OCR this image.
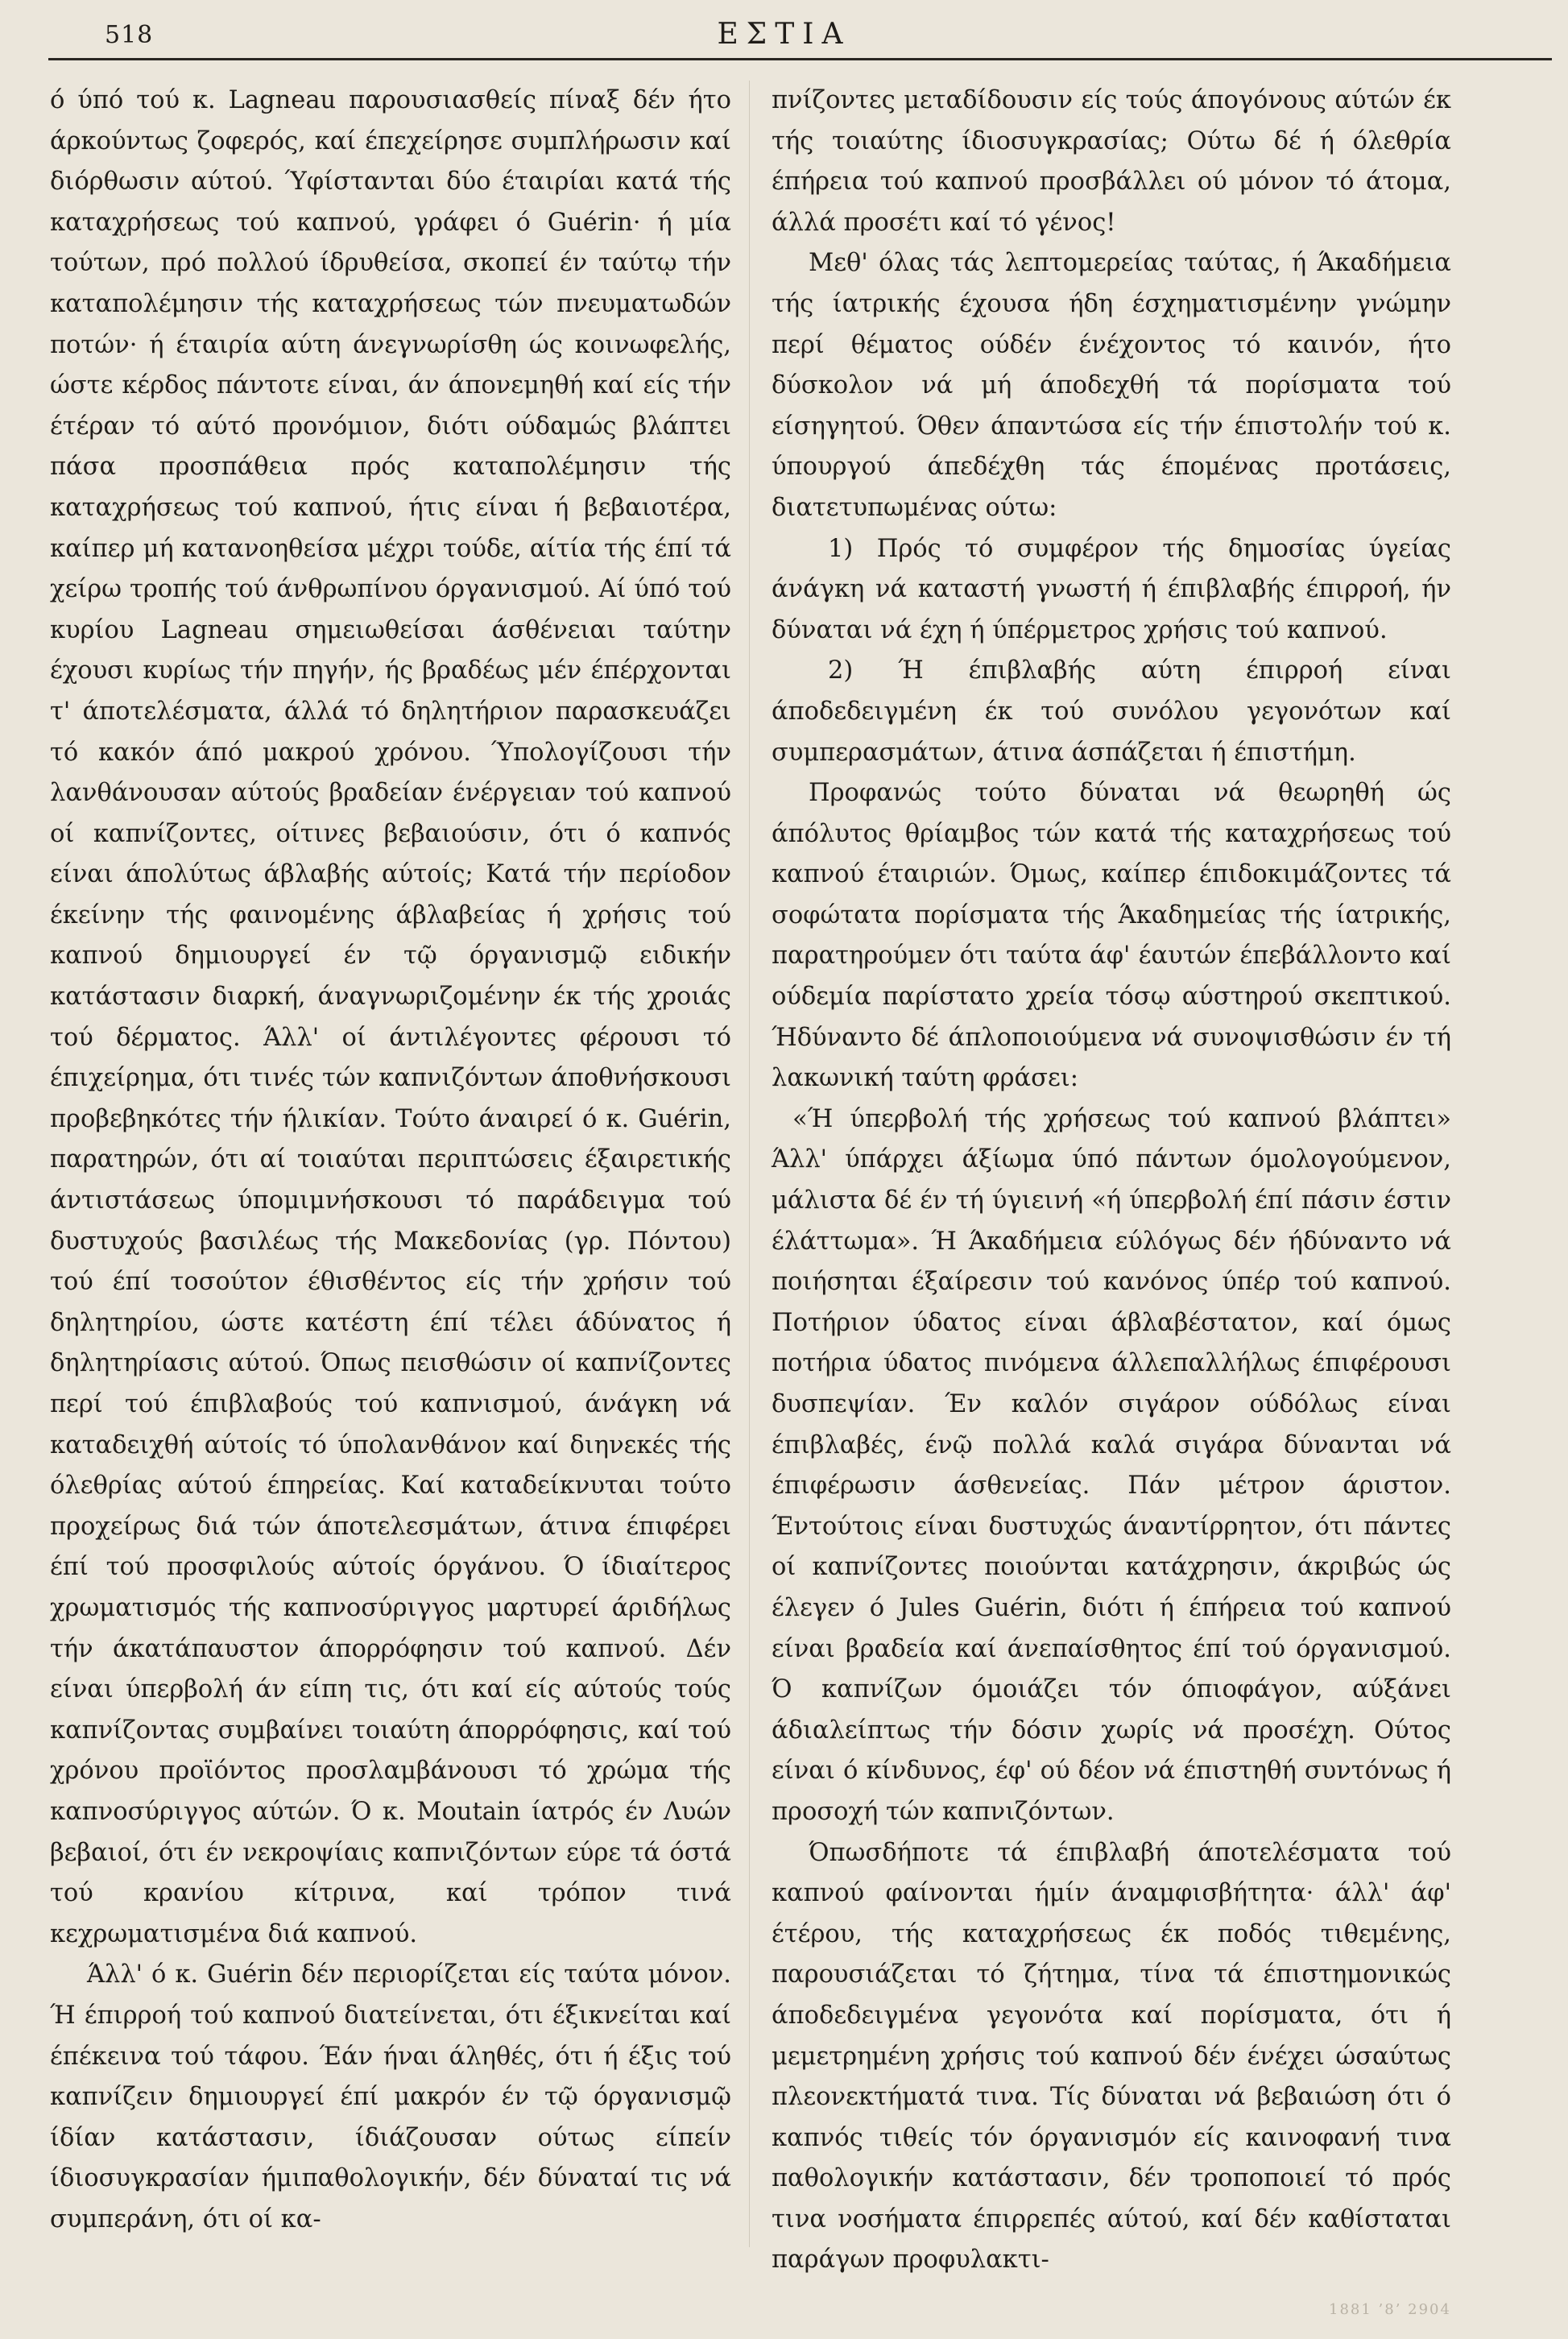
518	ΕΣΤΙΑ

ό ύπό τού κ. Lagneau παρουσιασθείς πίναξ δέν ήτο άρκούντως ζοφερός, καί έπεχείρησε συμπλήρωσιν καί διόρθωσιν αύτού. Ύφίστανται δύο έταιρίαι κατά τής καταχρήσεως τού καπνού, γράφει ό Guérin· ή μία τούτων, πρό πολλού ίδρυθείσα, σκοπεί έν ταύτῳ τήν καταπολέμησιν τής καταχρήσεως τών πνευματωδών ποτών· ή έταιρία αύτη άνεγνωρίσθη ώς κοινωφελής, ώστε κέρδος πάντοτε είναι, άν άπονεμηθή καί είς τήν έτέραν τό αύτό προνόμιον, διότι ούδαμώς βλάπτει πάσα προσπάθεια πρός καταπολέμησιν τής καταχρήσεως τού καπνού, ήτις είναι ή βεβαιοτέρα, καίπερ μή κατανοηθείσα μέχρι τούδε, αίτία τής έπί τά χείρω τροπής τού άνθρωπίνου όργανισμού. Αί ύπό τού κυρίου Lagneau σημειωθείσαι άσθένειαι ταύτην έχουσι κυρίως τήν πηγήν, ής βραδέως μέν έπέρχονται τ' άποτελέσματα, άλλά τό δηλητήριον παρασκευάζει τό κακόν άπό μακρού χρόνου. Ύπολογίζουσι τήν λανθάνουσαν αύτούς βραδείαν ένέργειαν τού καπνού οί καπνίζοντες, οίτινες βεβαιούσιν, ότι ό καπνός είναι άπολύτως άβλαβής αύτοίς; Κατά τήν περίοδον έκείνην τής φαινομένης άβλαβείας ή χρήσις τού καπνού δημιουργεί έν τῷ όργανισμῷ ειδικήν κατάστασιν διαρκή, άναγνωριζομένην έκ τής χροιάς τού δέρματος. Άλλ' οί άντιλέγοντες φέρουσι τό έπιχείρημα, ότι τινές τών καπνιζόντων άποθνήσκουσι προβεβηκότες τήν ήλικίαν. Τούτο άναιρεί ό κ. Guérin, παρατηρών, ότι αί τοιαύται περιπτώσεις έξαιρετικής άντιστάσεως ύπομιμνήσκουσι τό παράδειγμα τού δυστυχούς βασιλέως τής Μακεδονίας (γρ. Πόντου) τού έπί τοσούτον έθισθέντος είς τήν χρήσιν τού δηλητηρίου, ώστε κατέστη έπί τέλει άδύνατος ή δηλητηρίασις αύτού. Όπως πεισθώσιν οί καπνίζοντες περί τού έπιβλαβούς τού καπνισμού, άνάγκη νά καταδειχθή αύτοίς τό ύπολανθάνον καί διηνεκές τής όλεθρίας αύτού έπηρείας. Καί καταδείκνυται τούτο προχείρως διά τών άποτελεσμάτων, άτινα έπιφέρει έπί τού προσφιλούς αύτοίς όργάνου. Ό ίδιαίτερος χρωματισμός τής καπνοσύριγγος μαρτυρεί άριδήλως τήν άκατάπαυστον άπορρόφησιν τού καπνού. Δέν είναι ύπερβολή άν είπη τις, ότι καί είς αύτούς τούς καπνίζοντας συμβαίνει τοιαύτη άπορρόφησις, καί τού χρόνου προϊόντος προσλαμβάνουσι τό χρώμα τής καπνοσύριγγος αύτών. Ό κ. Moutain ίατρός έν Λυών βεβαιοί, ότι έν νεκροψίαις καπνιζόντων εύρε τά όστά τού κρανίου κίτρινα, καί τρόπον τινά κεχρωματισμένα διά καπνού.

Άλλ' ό κ. Guérin δέν περιορίζεται είς ταύτα μόνον. Ή έπιρροή τού καπνού διατείνεται, ότι έξικνείται καί έπέκεινα τού τάφου. Έάν ήναι άληθές, ότι ή έξις τού καπνίζειν δημιουργεί έπί μακρόν έν τῷ όργανισμῷ ίδίαν κατάστασιν, ίδιάζουσαν ούτως είπείν ίδιοσυγκρασίαν ήμιπαθολογικήν, δέν δύναταί τις νά συμπεράνη, ότι οί κα-

πνίζοντες μεταδίδουσιν είς τούς άπογόνους αύτών έκ τής τοιαύτης ίδιοσυγκρασίας; Ούτω δέ ή όλεθρία έπήρεια τού καπνού προσβάλλει ού μόνον τό άτομα, άλλά προσέτι καί τό γένος!

Μεθ' όλας τάς λεπτομερείας ταύτας, ή Άκαδήμεια τής ίατρικής έχουσα ήδη έσχηματισμένην γνώμην περί θέματος ούδέν ένέχοντος τό καινόν, ήτο δύσκολον νά μή άποδεχθή τά πορίσματα τού είσηγητού. Όθεν άπαντώσα είς τήν έπιστολήν τού κ. ύπουργού άπεδέχθη τάς έπομένας προτάσεις, διατετυπωμένας ούτω:

1) Πρός τό συμφέρον τής δημοσίας ύγείας άνάγκη νά καταστή γνωστή ή έπιβλαβής έπιρροή, ήν δύναται νά έχη ή ύπέρμετρος χρήσις τού καπνού.

2) Ή έπιβλαβής αύτη έπιρροή είναι άποδεδειγμένη έκ τού συνόλου γεγονότων καί συμπερασμάτων, άτινα άσπάζεται ή έπιστήμη.

Προφανώς τούτο δύναται νά θεωρηθή ώς άπόλυτος θρίαμβος τών κατά τής καταχρήσεως τού καπνού έταιριών. Όμως, καίπερ έπιδοκιμάζοντες τά σοφώτατα πορίσματα τής Άκαδημείας τής ίατρικής, παρατηρούμεν ότι ταύτα άφ' έαυτών έπεβάλλοντο καί ούδεμία παρίστατο χρεία τόσῳ αύστηρού σκεπτικού. Ήδύναντο δέ άπλοποιούμενα νά συνοψισθώσιν έν τή λακωνική ταύτη φράσει:

«Ή ύπερβολή τής χρήσεως τού καπνού βλάπτει» Άλλ' ύπάρχει άξίωμα ύπό πάντων όμολογούμενον, μάλιστα δέ έν τή ύγιεινή «ή ύπερβολή έπί πάσιν έστιν έλάττωμα». Ή Άκαδήμεια εύλόγως δέν ήδύναντο νά ποιήσηται έξαίρεσιν τού κανόνος ύπέρ τού καπνού. Ποτήριον ύδατος είναι άβλαβέστατον, καί όμως ποτήρια ύδατος πινόμενα άλλεπαλλήλως έπιφέρουσι δυσπεψίαν. Έν καλόν σιγάρον ούδόλως είναι έπιβλαβές, ένῷ πολλά καλά σιγάρα δύνανται νά έπιφέρωσιν άσθενείας. Πάν μέτρον άριστον. Έντούτοις είναι δυστυχώς άναντίρρητον, ότι πάντες οί καπνίζοντες ποιούνται κατάχρησιν, άκριβώς ώς έλεγεν ό Jules Guérin, διότι ή έπήρεια τού καπνού είναι βραδεία καί άνεπαίσθητος έπί τού όργανισμού. Ό καπνίζων όμοιάζει τόν όπιοφάγον, αύξάνει άδιαλείπτως τήν δόσιν χωρίς νά προσέχη. Ούτος είναι ό κίνδυνος, έφ' ού δέον νά έπιστηθή συντόνως ή προσοχή τών καπνιζόντων.

Όπωσδήποτε τά έπιβλαβή άποτελέσματα τού καπνού φαίνονται ήμίν άναμφισβήτητα· άλλ' άφ' έτέρου, τής καταχρήσεως έκ ποδός τιθεμένης, παρουσιάζεται τό ζήτημα, τίνα τά έπιστημονικώς άποδεδειγμένα γεγονότα καί πορίσματα, ότι ή μεμετρημένη χρήσις τού καπνού δέν ένέχει ώσαύτως πλεονεκτήματά τινα. Τίς δύναται νά βεβαιώση ότι ό καπνός τιθείς τόν όργανισμόν είς καινοφανή τινα παθολογικήν κατάστασιν, δέν τροποποιεί τό πρός τινα νοσήματα έπιρρεπές αύτού, καί δέν καθίσταται παράγων προφυλακτι-

1881 ’8’ 2904
